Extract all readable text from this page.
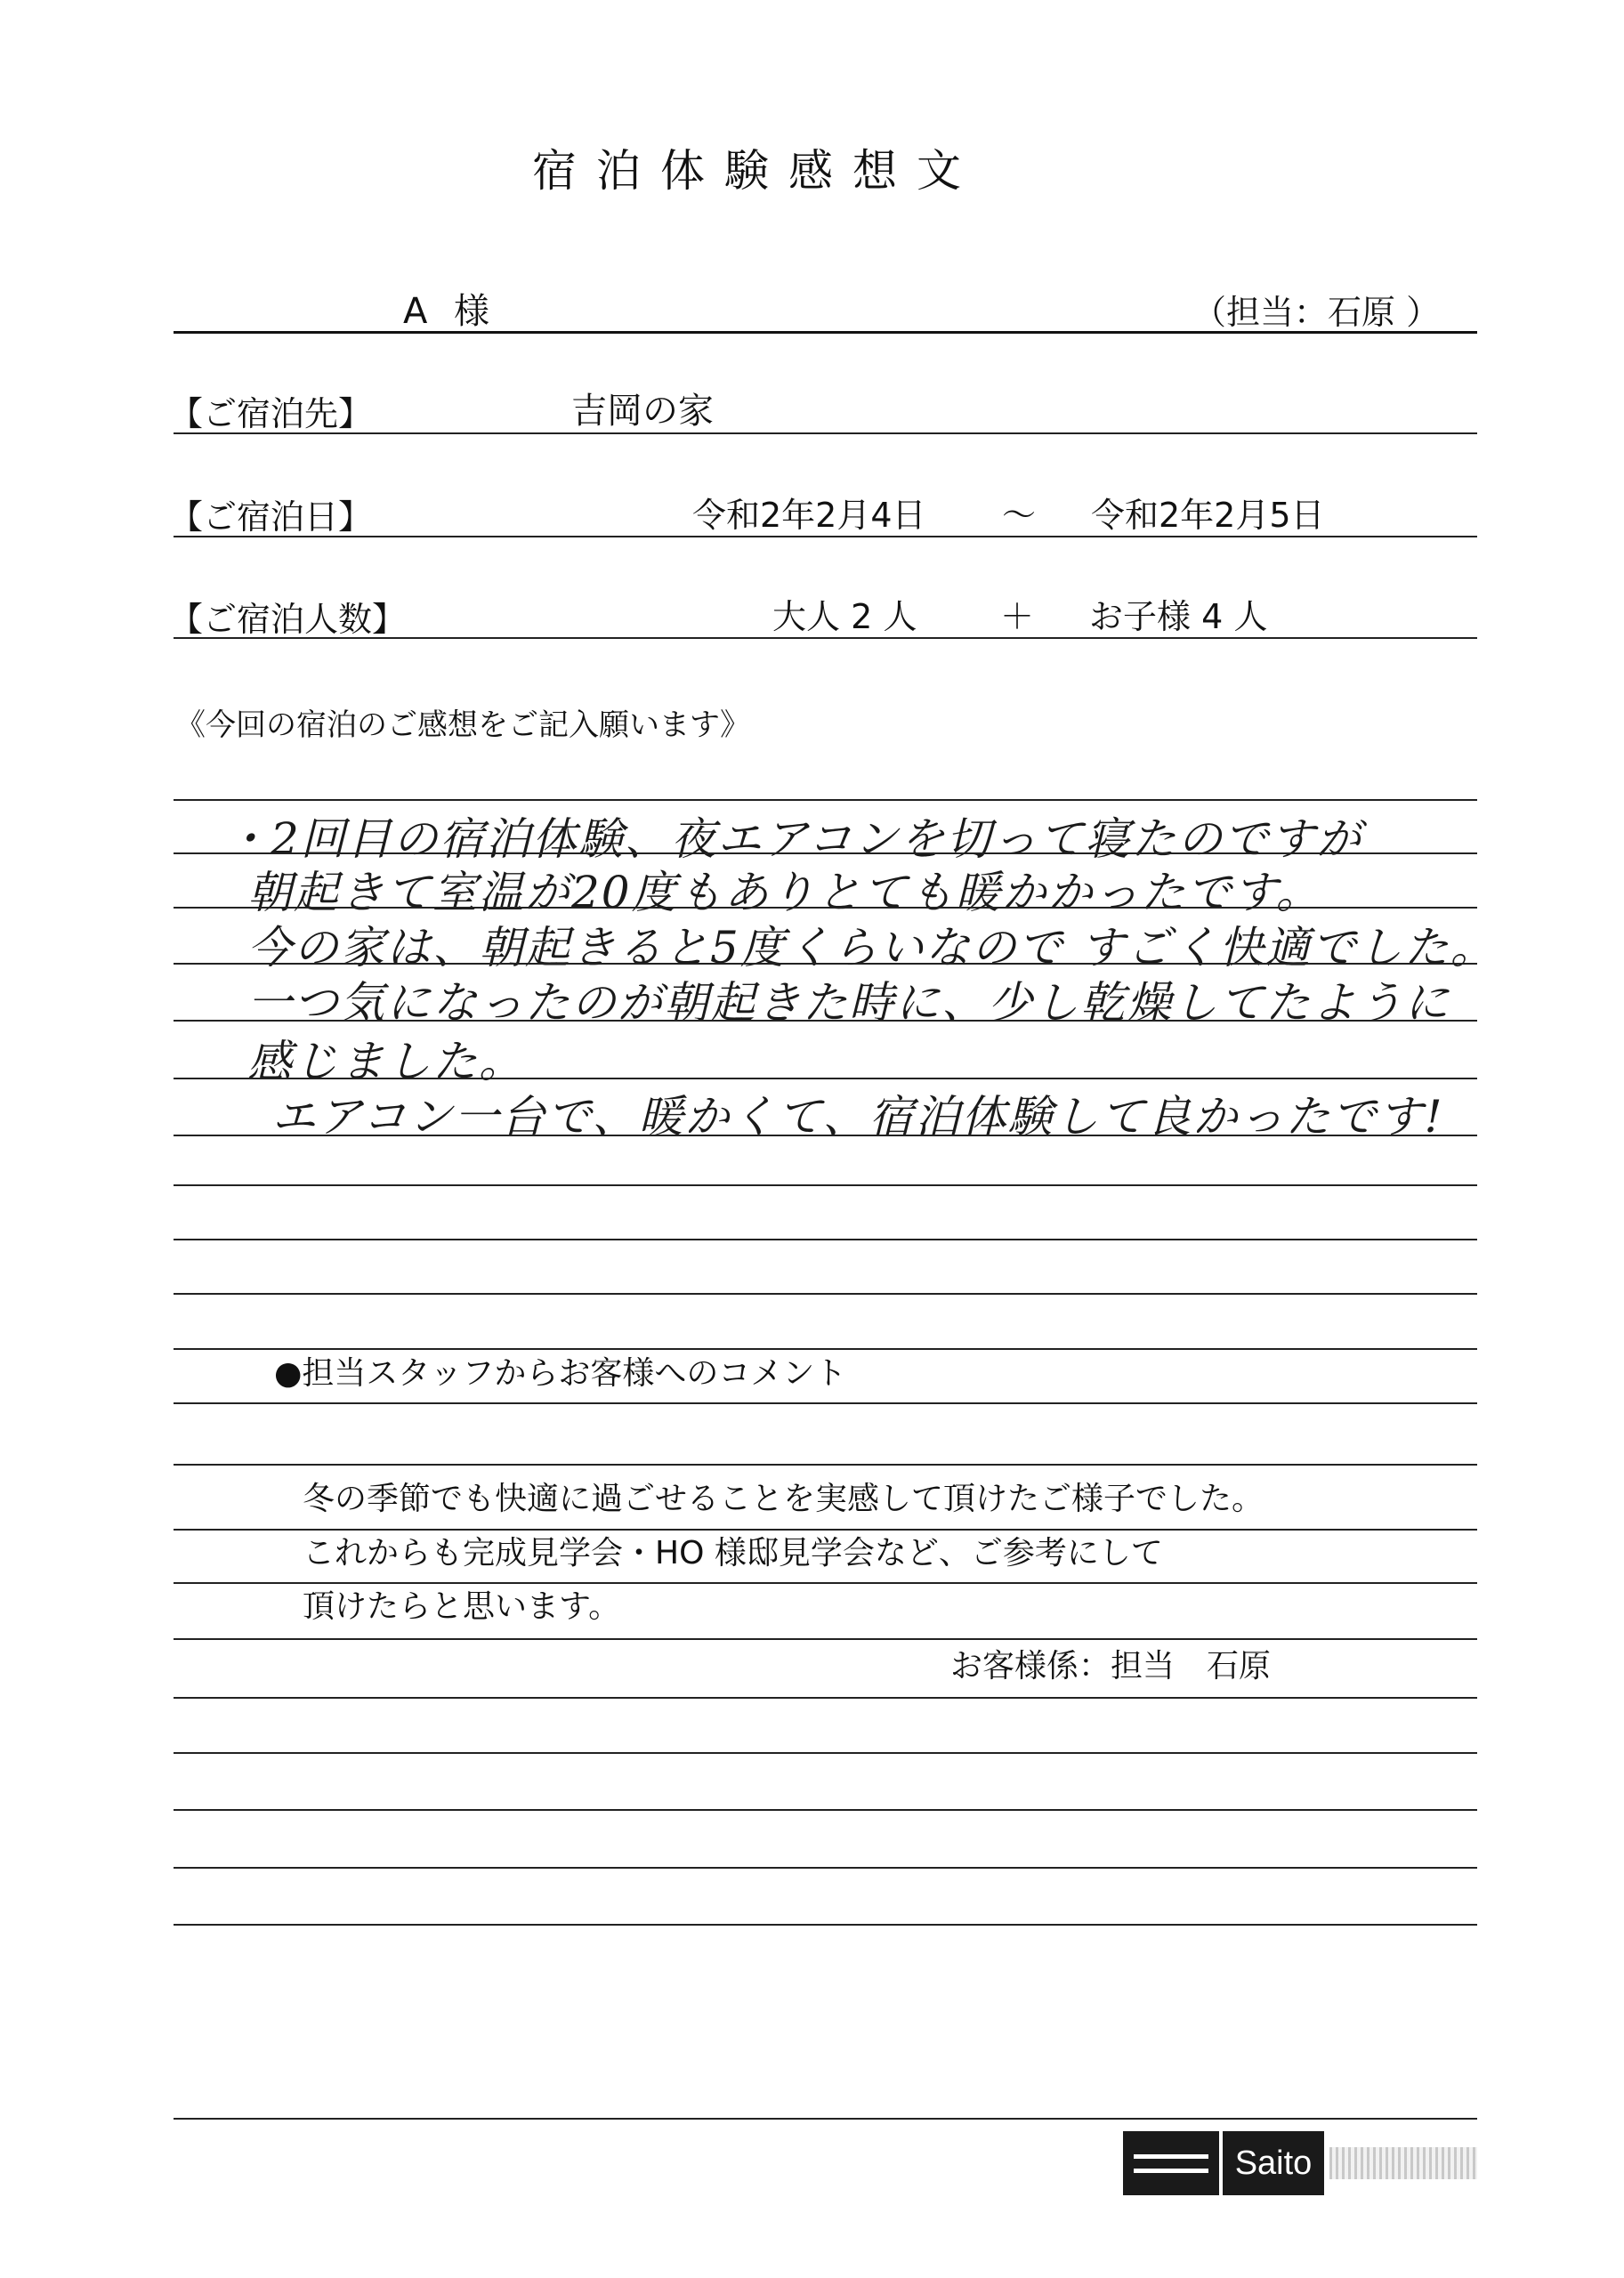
宿泊体験感想文
A 様	（担当：石原 ）
【ご宿泊先】	吉岡の家
【ご宿泊日】	令和2年2月4日 ～ 令和2年2月5日
【ご宿泊人数】	大人 2 人 ＋ お子様 4 人
《今回の宿泊のご感想をご記入願います》
・2回目の宿泊体験、夜エアコンを切って寝たのですが
朝起きて室温が20度もありとても暖かかったです。
今の家は、朝起きると5度くらいなので すごく快適でした。
一つ気になったのが朝起きた時に、少し乾燥してたように
感じました。
エアコン一台で、暖かくて、宿泊体験して良かったです!
●担当スタッフからお客様へのコメント
冬の季節でも快適に過ごせることを実感して頂けたご様子でした。
これからも完成見学会・HO 様邸見学会など、ご参考にして
頂けたらと思います。
お客様係：担当　石原
Saito
